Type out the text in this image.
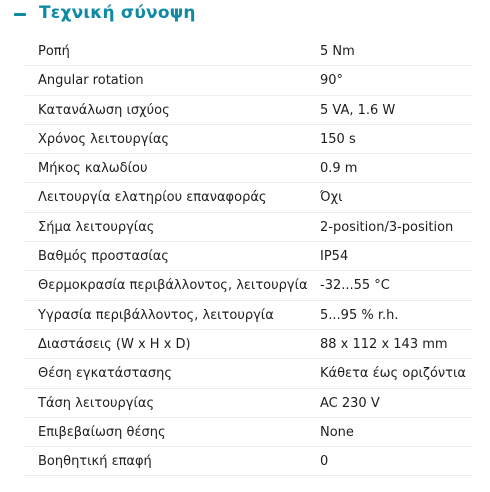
Τεχνική σύνοψη
Ροπή	5 Nm
Angular rotation	90°
Κατανάλωση ισχύος	5 VA, 1.6 W
Χρόνος λειτουργίας	150 s
Μήκος καλωδίου	0.9 m
Λειτουργία ελατηρίου επαναφοράς	Όχι
Σήμα λειτουργίας	2-position/3-position
Βαθμός προστασίας	IP54
Θερμοκρασία περιβάλλοντος, λειτουργία -32...55 °C
Υγρασία περιβάλλοντος, λειτουργία	5...95 % r.h.
Διαστάσεις (W x H x D)	88 x 112 x 143 mm
Θέση εγκατάστασης	Κάθετα έως οριζόντια
Τάση λειτουργίας	AC 230 V
Επιβεβαίωση θέσης	None
Βοηθητική επαφή	0
